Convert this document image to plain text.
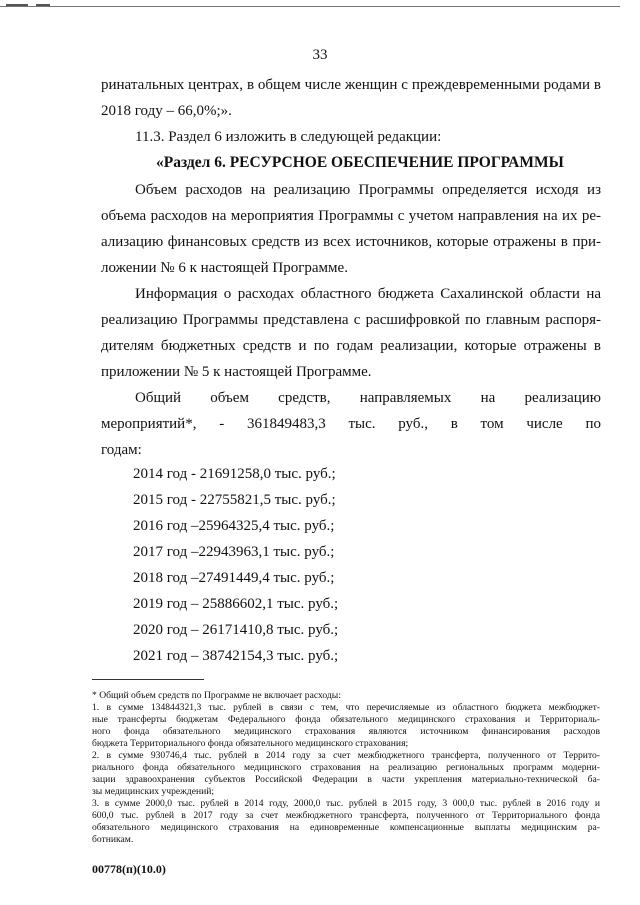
33
ринатальных центрах, в общем числе женщин с преждевременными родами в
2018 году – 66,0%;».
11.3. Раздел 6 изложить в следующей редакции:
«Раздел 6. РЕСУРСНОЕ ОБЕСПЕЧЕНИЕ ПРОГРАММЫ
Объем расходов на реализацию Программы определяется исходя из
объема расходов на мероприятия Программы с учетом направления на их ре-
ализацию финансовых средств из всех источников, которые отражены в при-
ложении № 6 к настоящей Программе.
Информация о расходах областного бюджета Сахалинской области на
реализацию Программы представлена с расшифровкой по главным распоря-
дителям бюджетных средств и по годам реализации, которые отражены в
приложении № 5 к настоящей Программе.
Общий объем средств, направляемых на реализацию
мероприятий*, - 361849483,3 тыс. руб., в том числе по
годам:
2014 год - 21691258,0 тыс. руб.;
2015 год - 22755821,5 тыс. руб.;
2016 год –25964325,4 тыс. руб.;
2017 год –22943963,1 тыс. руб.;
2018 год –27491449,4 тыс. руб.;
2019 год – 25886602,1 тыс. руб.;
2020 год – 26171410,8 тыс. руб.;
2021 год – 38742154,3 тыс. руб.;
* Общий объем средств по Программе не включает расходы:
1. в сумме 134844321,3 тыс. рублей в связи с тем, что перечисляемые из областного бюджета межбюджет-
ные трансферты бюджетам Федерального фонда обязательного медицинского страхования и Территориаль-
ного фонда обязательного медицинского страхования являются источником финансирования расходов
бюджета Территориального фонда обязательного медицинского страхования;
2. в сумме 930746,4 тыс. рублей в 2014 году за счет межбюджетного трансферта, полученного от Террито-
риального фонда обязательного медицинского страхования на реализацию региональных программ модерни-
зации здравоохранения субъектов Российской Федерации в части укрепления материально-технической ба-
зы медицинских учреждений;
3. в сумме 2000,0 тыс. рублей в 2014 году, 2000,0 тыс. рублей в 2015 году, 3 000,0 тыс. рублей в 2016 году и
600,0 тыс. рублей в 2017 году за счет межбюджетного трансферта, полученного от Территориального фонда
обязательного медицинского страхования на единовременные компенсационные выплаты медицинским ра-
ботникам.
00778(п)(10.0)
